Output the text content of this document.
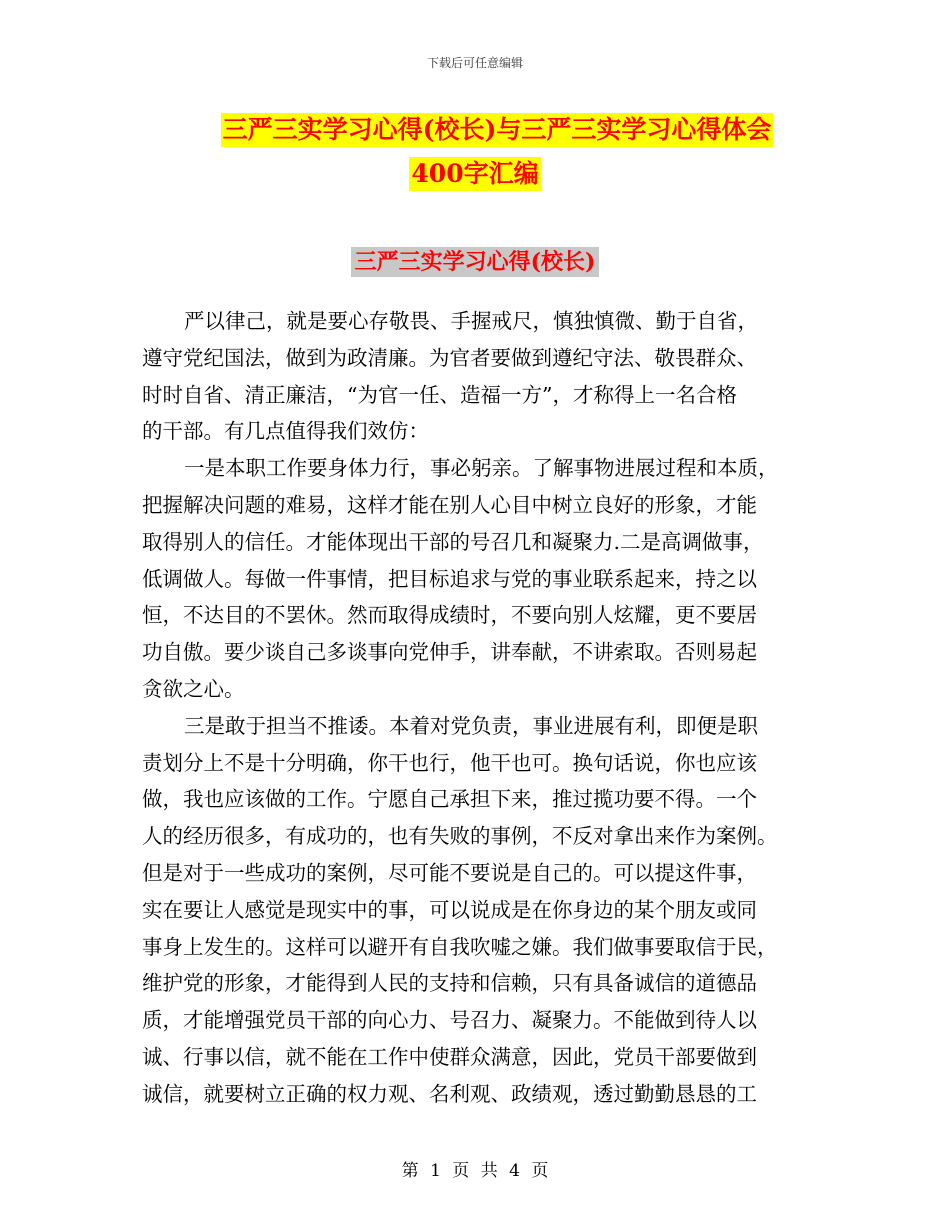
下载后可任意编辑
三严三实学习心得(校长)与三严三实学习心得体会
400字汇编
三严三实学习心得(校长)
严以律己，就是要心存敬畏、手握戒尺，慎独慎微、勤于自省，
遵守党纪国法，做到为政清廉。为官者要做到遵纪守法、敬畏群众、
时时自省、清正廉洁，“为官一任、造福一方”，才称得上一名合格
的干部。有几点值得我们效仿：
一是本职工作要身体力行，事必躬亲。了解事物进展过程和本质，
把握解决问题的难易，这样才能在别人心目中树立良好的形象，才能
取得别人的信任。才能体现出干部的号召几和凝聚力.二是高调做事，
低调做人。每做一件事情，把目标追求与党的事业联系起来，持之以
恒，不达目的不罢休。然而取得成绩时，不要向别人炫耀，更不要居
功自傲。要少谈自己多谈事向党伸手，讲奉献，不讲索取。否则易起
贪欲之心。
三是敢于担当不推诿。本着对党负责，事业进展有利，即便是职
责划分上不是十分明确，你干也行，他干也可。换句话说，你也应该
做，我也应该做的工作。宁愿自己承担下来，推过揽功要不得。一个
人的经历很多，有成功的，也有失败的事例，不反对拿出来作为案例。
但是对于一些成功的案例，尽可能不要说是自己的。可以提这件事，
实在要让人感觉是现实中的事，可以说成是在你身边的某个朋友或同
事身上发生的。这样可以避开有自我吹嘘之嫌。我们做事要取信于民，
维护党的形象，才能得到人民的支持和信赖，只有具备诚信的道德品
质，才能增强党员干部的向心力、号召力、凝聚力。不能做到待人以
诚、行事以信，就不能在工作中使群众满意，因此，党员干部要做到
诚信，就要树立正确的权力观、名利观、政绩观，透过勤勤恳恳的工
第 1 页 共 4 页
